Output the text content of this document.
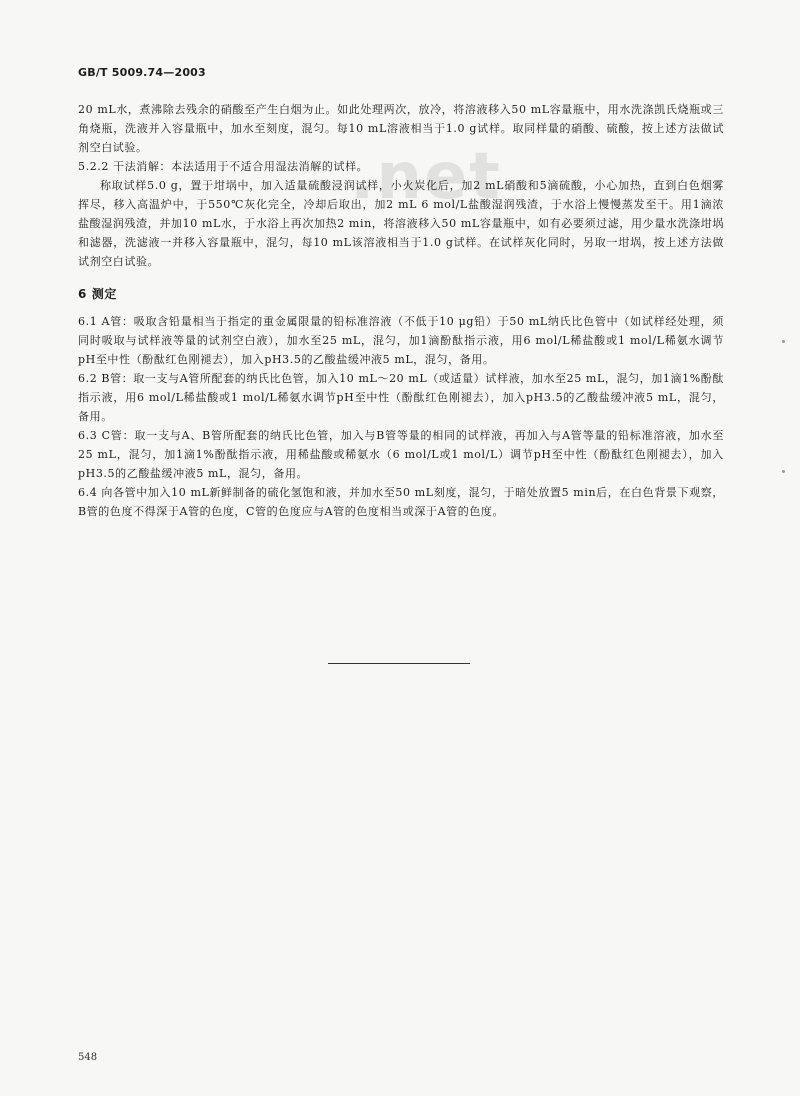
.net
GB/T 5009.74—2003

20 mL水，煮沸除去残余的硝酸至产生白烟为止。如此处理两次，放冷，将溶液移入50 mL容量瓶中，用水洗涤凯氏烧瓶或三角烧瓶，洗液并入容量瓶中，加水至刻度，混匀。每10 mL溶液相当于1.0 g试样。取同样量的硝酸、硫酸，按上述方法做试剂空白试验。

5.2.2 干法消解：本法适用于不适合用湿法消解的试样。

称取试样5.0 g，置于坩埚中，加入适量硫酸浸润试样，小火炭化后，加2 mL硝酸和5滴硫酸，小心加热，直到白色烟雾挥尽，移入高温炉中，于550℃灰化完全，冷却后取出，加2 mL 6 mol/L盐酸湿润残渣，于水浴上慢慢蒸发至干。用1滴浓盐酸湿润残渣，并加10 mL水，于水浴上再次加热2 min，将溶液移入50 mL容量瓶中，如有必要须过滤，用少量水洗涤坩埚和滤器，洗滤液一并移入容量瓶中，混匀，每10 mL该溶液相当于1.0 g试样。在试样灰化同时，另取一坩埚，按上述方法做试剂空白试验。

6 测定

6.1 A管：吸取含铅量相当于指定的重金属限量的铅标准溶液（不低于10 μg铅）于50 mL纳氏比色管中（如试样经处理，须同时吸取与试样液等量的试剂空白液），加水至25 mL，混匀，加1滴酚酞指示液，用6 mol/L稀盐酸或1 mol/L稀氨水调节pH至中性（酚酞红色刚褪去），加入pH3.5的乙酸盐缓冲液5 mL，混匀，备用。

6.2 B管：取一支与A管所配套的纳氏比色管，加入10 mL～20 mL（或适量）试样液，加水至25 mL，混匀，加1滴1%酚酞指示液，用6 mol/L稀盐酸或1 mol/L稀氨水调节pH至中性（酚酞红色刚褪去），加入pH3.5的乙酸盐缓冲液5 mL，混匀，备用。

6.3 C管：取一支与A、B管所配套的纳氏比色管，加入与B管等量的相同的试样液，再加入与A管等量的铅标准溶液，加水至25 mL，混匀，加1滴1%酚酞指示液，用稀盐酸或稀氨水（6 mol/L或1 mol/L）调节pH至中性（酚酞红色刚褪去），加入pH3.5的乙酸盐缓冲液5 mL，混匀，备用。

6.4 向各管中加入10 mL新鲜制备的硫化氢饱和液，并加水至50 mL刻度，混匀，于暗处放置5 min后，在白色背景下观察，B管的色度不得深于A管的色度，C管的色度应与A管的色度相当或深于A管的色度。

548
